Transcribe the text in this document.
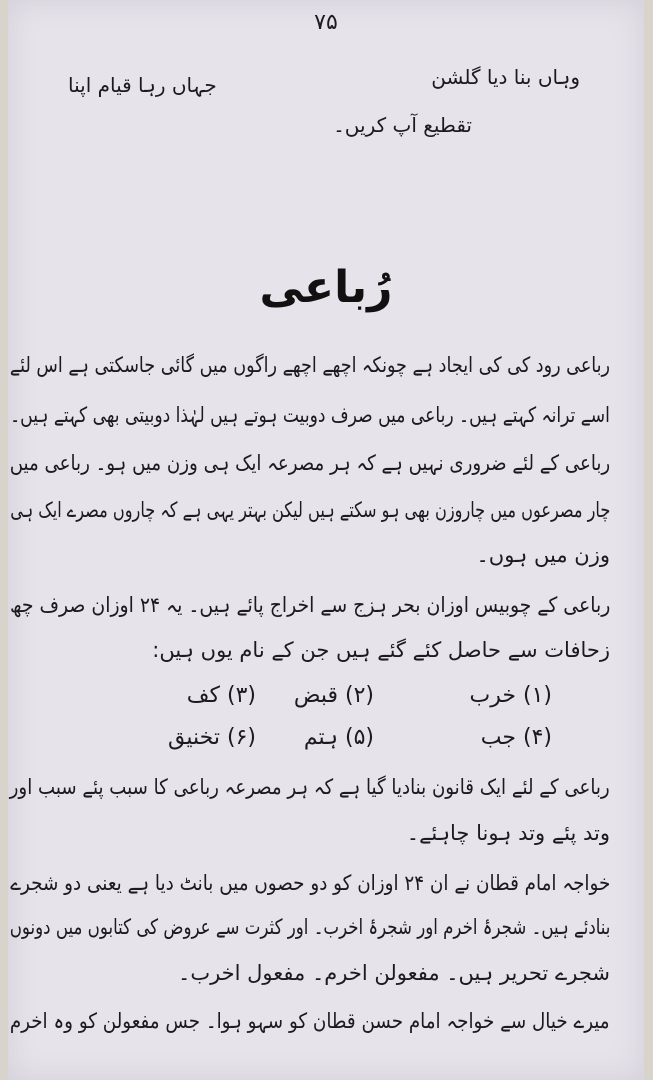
۷۵
وہاں بنا دیا گلشن
تقطیع آپ کریں۔
جہاں رہا قیام اپنا
رُباعی
رباعی رود کی کی ایجاد ہے چونکہ اچھے اچھے راگوں میں گائی جاسکتی ہے اس لئے
اسے ترانہ کہتے ہیں۔ رباعی میں صرف دوبیت ہوتے ہیں لہٰذا دوبیتی بھی کہتے ہیں۔
رباعی کے لئے ضروری نہیں ہے کہ ہر مصرعہ ایک ہی وزن میں ہو۔ رباعی میں
چار مصرعوں میں چاروزن بھی ہو سکتے ہیں لیکن بہتر یہی ہے کہ چاروں مصرے ایک ہی
وزن میں ہوں۔
رباعی کے چوبیس اوزان بحر ہزج سے اخراج پائے ہیں۔ یہ ۲۴ اوزان صرف چھ
زحافات سے حاصل کئے گئے ہیں جن کے نام یوں ہیں:
(۱) خرب
(۲) قبض
(۳) کف
(۴) جب
(۵) ہتم
(۶) تخنیق
رباعی کے لئے ایک قانون بنادیا گیا ہے کہ ہر مصرعہ رباعی کا سبب پئے سبب اور
وتد پئے وتد ہونا چاہئے۔
خواجہ امام قطان نے ان ۲۴ اوزان کو دو حصوں میں بانٹ دیا ہے یعنی دو شجرے
بنادئے ہیں۔ شجرۂ اخرم اور شجرۂ اخرب۔ اور کثرت سے عروض کی کتابوں میں دونوں
شجرے تحریر ہیں۔ مفعولن اخرم۔ مفعول اخرب۔
میرے خیال سے خواجہ امام حسن قطان کو سہو ہوا۔ جس مفعولن کو وہ اخرم
